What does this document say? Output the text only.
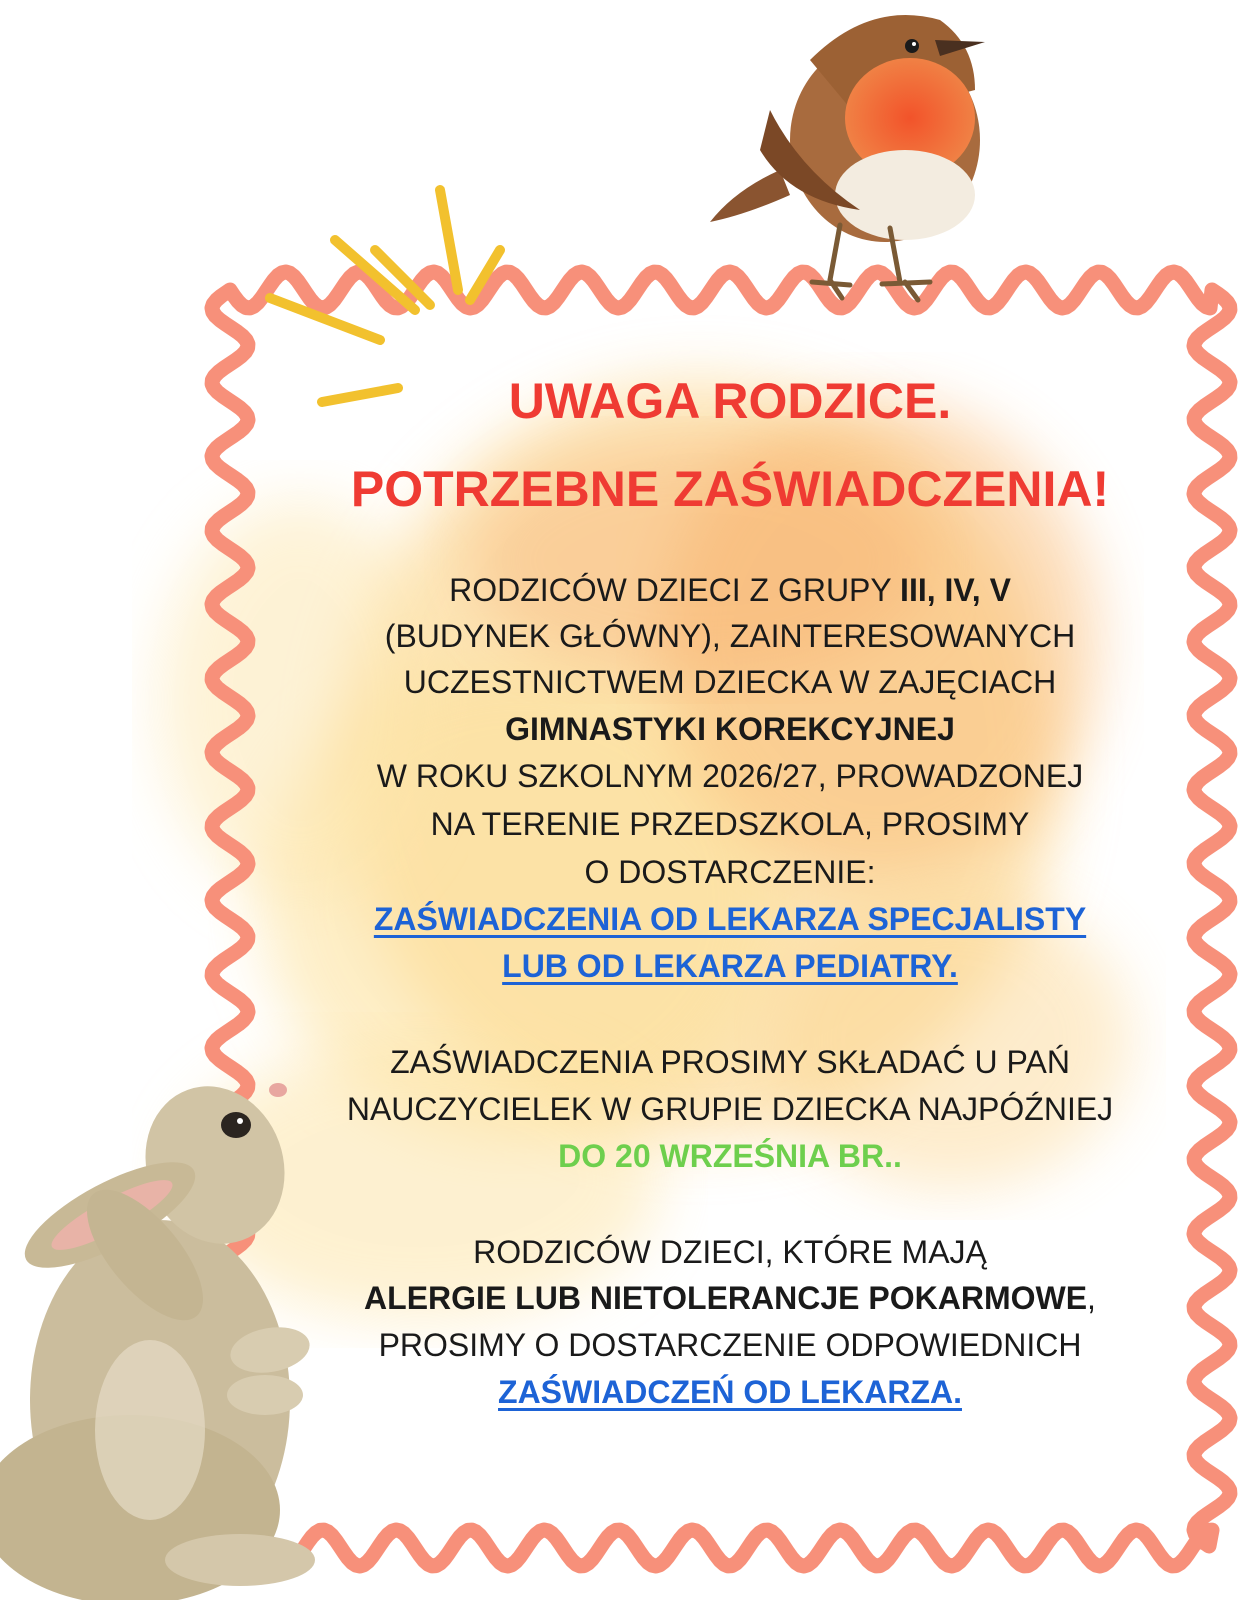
UWAGA RODZICE.
POTRZEBNE ZAŚWIADCZENIA!
RODZICÓW DZIECI Z GRUPY III, IV, V
(BUDYNEK GŁÓWNY), ZAINTERESOWANYCH
UCZESTNICTWEM DZIECKA W ZAJĘCIACH
GIMNASTYKI KOREKCYJNEJ
W ROKU SZKOLNYM 2026/27, PROWADZONEJ
NA TERENIE PRZEDSZKOLA, PROSIMY
O DOSTARCZENIE:
ZAŚWIADCZENIA OD LEKARZA SPECJALISTY
LUB OD LEKARZA PEDIATRY.
ZAŚWIADCZENIA PROSIMY SKŁADAĆ U PAŃ
NAUCZYCIELEK W GRUPIE DZIECKA NAJPÓŹNIEJ
DO 20 WRZEŚNIA BR..
RODZICÓW DZIECI, KTÓRE MAJĄ
ALERGIE LUB NIETOLERANCJE POKARMOWE,
PROSIMY O DOSTARCZENIE ODPOWIEDNICH
ZAŚWIADCZEŃ OD LEKARZA.
